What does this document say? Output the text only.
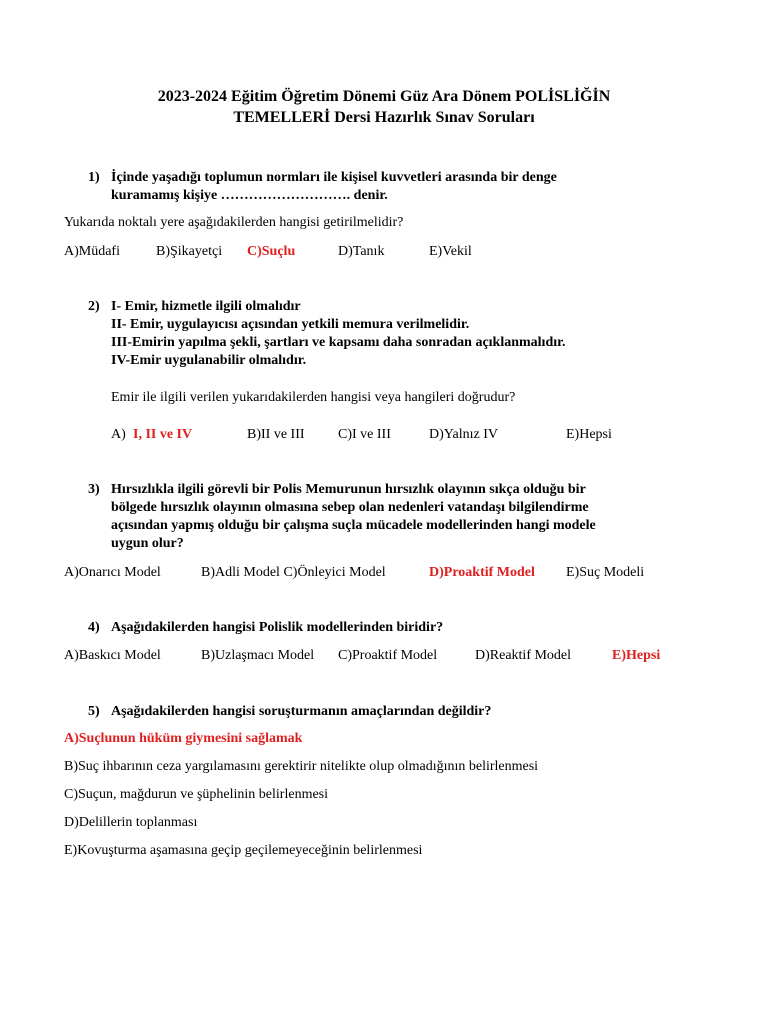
2023-2024 Eğitim Öğretim Dönemi Güz Ara Dönem POLİSLİĞİN
TEMELLERİ Dersi Hazırlık Sınav Soruları
1) İçinde yaşadığı toplumun normları ile kişisel kuvvetleri arasında bir denge
kuramamış kişiye ………………………. denir.
Yukarıda noktalı yere aşağıdakilerden hangisi getirilmelidir?
A)Müdafi	B)Şikayetçi C)Suçlu	D)Tanık	E)Vekil
2) I- Emir, hizmetle ilgili olmalıdır
II- Emir, uygulayıcısı açısından yetkili memura verilmelidir.
III-Emirin yapılma şekli, şartları ve kapsamı daha sonradan açıklanmalıdır.
IV-Emir uygulanabilir olmalıdır.
Emir ile ilgili verilen yukarıdakilerden hangisi veya hangileri doğrudur?
A) I, II ve IV	B)II ve III C)I ve III	D)Yalnız IV	E)Hepsi
3) Hırsızlıkla ilgili görevli bir Polis Memurunun hırsızlık olayının sıkça olduğu bir
bölgede hırsızlık olayının olmasına sebep olan nedenleri vatandaşı bilgilendirme
açısından yapmış olduğu bir çalışma suçla mücadele modellerinden hangi modele
uygun olur?
A)Onarıcı Model	B)Adli Model C)Önleyici Model	D)Proaktif Model E)Suç Modeli
4) Aşağıdakilerden hangisi Polislik modellerinden biridir?
A)Baskıcı Model	B)Uzlaşmacı Model C)Proaktif Model	D)Reaktif Model	E)Hepsi
5) Aşağıdakilerden hangisi soruşturmanın amaçlarından değildir?
A)Suçlunun hüküm giymesini sağlamak
B)Suç ihbarının ceza yargılamasını gerektirir nitelikte olup olmadığının belirlenmesi
C)Suçun, mağdurun ve şüphelinin belirlenmesi
D)Delillerin toplanması
E)Kovuşturma aşamasına geçip geçilemeyeceğinin belirlenmesi
